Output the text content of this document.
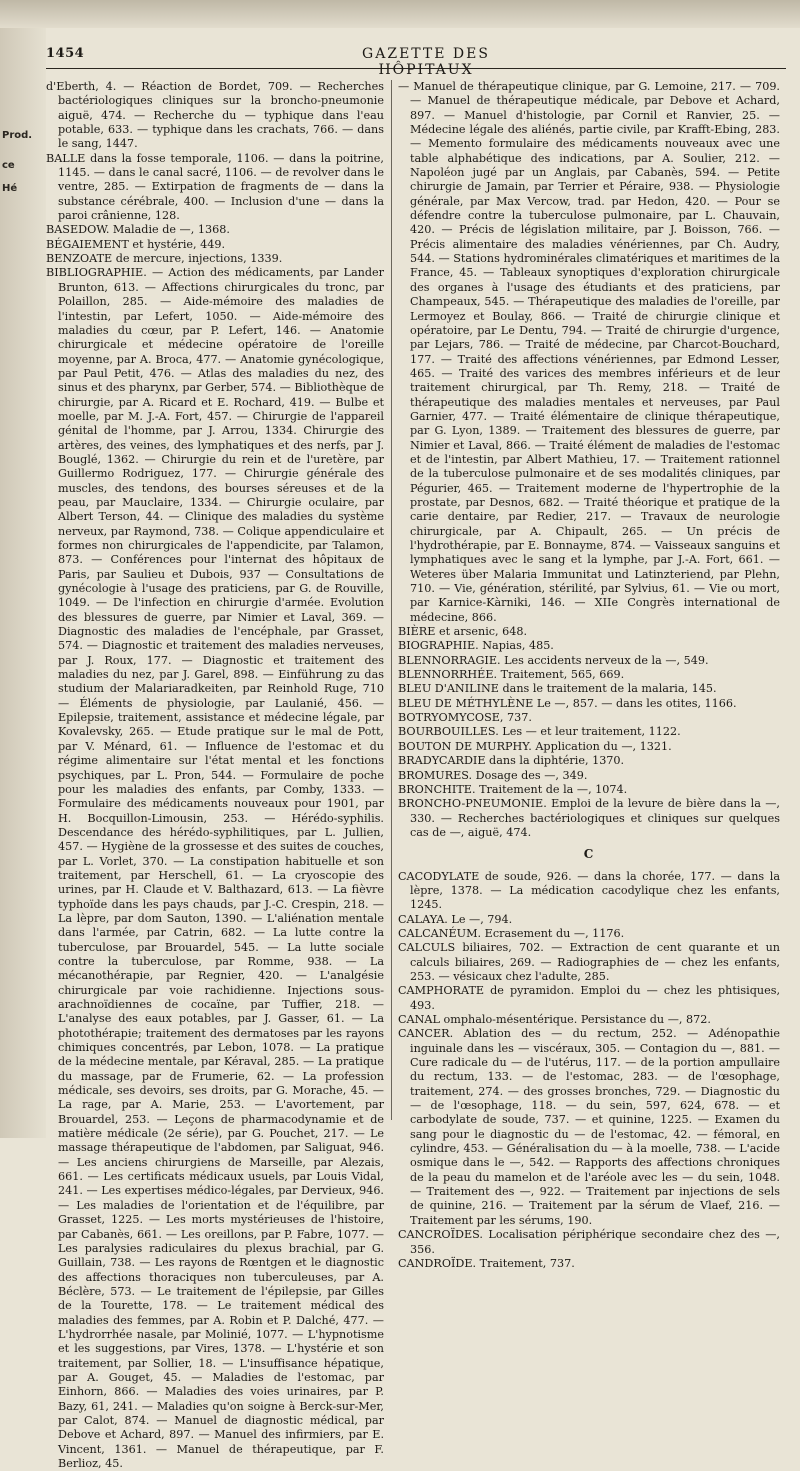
Prod.
ce
Hé
1454	GAZETTE DES HÔPITAUX

d'Eberth, 4. — Réaction de Bordet, 709. — Recherches bactériologiques cliniques sur la broncho-pneumonie aiguë, 474. — Recherche du — typhique dans l'eau potable, 633. — typhique dans les crachats, 766. — dans le sang, 1447.

BALLE dans la fosse temporale, 1106. — dans la poitrine, 1145. — dans le canal sacré, 1106. — de revolver dans le ventre, 285. — Extirpation de fragments de — dans la substance cérébrale, 400. — Inclusion d'une — dans la paroi crânienne, 128.

BASEDOW. Maladie de —, 1368.

BÉGAIEMENT et hystérie, 449.

BENZOATE de mercure, injections, 1339.

BIBLIOGRAPHIE. — Action des médicaments, par Lander Brunton, 613. — Affections chirurgicales du tronc, par Polaillon, 285. — Aide-mémoire des maladies de l'intestin, par Lefert, 1050. — Aide-mémoire des maladies du cœur, par P. Lefert, 146. — Anatomie chirurgicale et médecine opératoire de l'oreille moyenne, par A. Broca, 477. — Anatomie gynécologique, par Paul Petit, 476. — Atlas des maladies du nez, des sinus et des pharynx, par Gerber, 574. — Bibliothèque de chirurgie, par A. Ricard et E. Rochard, 419. — Bulbe et moelle, par M. J.-A. Fort, 457. — Chirurgie de l'appareil génital de l'homme, par J. Arrou, 1334. Chirurgie des artères, des veines, des lymphatiques et des nerfs, par J. Bouglé, 1362. — Chirurgie du rein et de l'uretère, par Guillermo Rodriguez, 177. — Chirurgie générale des muscles, des tendons, des bourses séreuses et de la peau, par Mauclaire, 1334. — Chirurgie oculaire, par Albert Terson, 44. — Clinique des maladies du système nerveux, par Raymond, 738. — Colique appendiculaire et formes non chirurgicales de l'appendicite, par Talamon, 873. — Conférences pour l'internat des hôpitaux de Paris, par Saulieu et Dubois, 937 — Consultations de gynécologie à l'usage des praticiens, par G. de Rouville, 1049. — De l'infection en chirurgie d'armée. Evolution des blessures de guerre, par Nimier et Laval, 369. — Diagnostic des maladies de l'encéphale, par Grasset, 574. — Diagnostic et traitement des maladies nerveuses, par J. Roux, 177. — Diagnostic et traitement des maladies du nez, par J. Garel, 898. — Einführung zu das studium der Malariaradkeiten, par Reinhold Ruge, 710 — Éléments de physiologie, par Laulanié, 456. — Epilepsie, traitement, assistance et médecine légale, par Kovalevsky, 265. — Etude pratique sur le mal de Pott, par V. Ménard, 61. — Influence de l'estomac et du régime alimentaire sur l'état mental et les fonctions psychiques, par L. Pron, 544. — Formulaire de poche pour les maladies des enfants, par Comby, 1333. — Formulaire des médicaments nouveaux pour 1901, par H. Bocquillon-Limousin, 253. — Hérédo-syphilis. Descendance des hérédo-syphilitiques, par L. Jullien, 457. — Hygiène de la grossesse et des suites de couches, par L. Vorlet, 370. — La constipation habituelle et son traitement, par Herschell, 61. — La cryoscopie des urines, par H. Claude et V. Balthazard, 613. — La fièvre typhoïde dans les pays chauds, par J.-C. Crespin, 218. — La lèpre, par dom Sauton, 1390. — L'aliénation mentale dans l'armée, par Catrin, 682. — La lutte contre la tuberculose, par Brouardel, 545. — La lutte sociale contre la tuberculose, par Romme, 938. — La mécanothérapie, par Regnier, 420. — L'analgésie chirurgicale par voie rachidienne. Injections sous-arachnoïdiennes de cocaïne, par Tuffier, 218. — L'analyse des eaux potables, par J. Gasser, 61. — La photothérapie; traitement des dermatoses par les rayons chimiques concentrés, par Lebon, 1078. — La pratique de la médecine mentale, par Kéraval, 285. — La pratique du massage, par de Frumerie, 62. — La profession médicale, ses devoirs, ses droits, par G. Morache, 45. — La rage, par A. Marie, 253. — L'avortement, par Brouardel, 253. — Leçons de pharmacodynamie et de matière médicale (2e série), par G. Pouchet, 217. — Le massage thérapeutique de l'abdomen, par Saliguat, 946. — Les anciens chirurgiens de Marseille, par Alezais, 661. — Les certificats médicaux usuels, par Louis Vidal, 241. — Les expertises médico-légales, par Dervieux, 946. — Les maladies de l'orientation et de l'équilibre, par Grasset, 1225. — Les morts mystérieuses de l'histoire, par Cabanès, 661. — Les oreillons, par P. Fabre, 1077. — Les paralysies radiculaires du plexus brachial, par G. Guillain, 738. — Les rayons de Rœntgen et le diagnostic des affections thoraciques non tuberculeuses, par A. Béclère, 573. — Le traitement de l'épilepsie, par Gilles de la Tourette, 178. — Le traitement médical des maladies des femmes, par A. Robin et P. Dalché, 477. — L'hydrorrhée nasale, par Molinié, 1077. — L'hypnotisme et les suggestions, par Vires, 1378. — L'hystérie et son traitement, par Sollier, 18. — L'insuffisance hépatique, par A. Gouget, 45. — Maladies de l'estomac, par Einhorn, 866. — Maladies des voies urinaires, par P. Bazy, 61, 241. — Maladies qu'on soigne à Berck-sur-Mer, par Calot, 874. — Manuel de diagnostic médical, par Debove et Achard, 897. — Manuel des infirmiers, par E. Vincent, 1361. — Manuel de thérapeutique, par F. Berlioz, 45.

— Manuel de thérapeutique clinique, par G. Lemoine, 217. — 709. — Manuel de thérapeutique médicale, par Debove et Achard, 897. — Manuel d'histologie, par Cornil et Ranvier, 25. — Médecine légale des aliénés, partie civile, par Krafft-Ebing, 283. — Memento formulaire des médicaments nouveaux avec une table alphabétique des indications, par A. Soulier, 212. — Napoléon jugé par un Anglais, par Cabanès, 594. — Petite chirurgie de Jamain, par Terrier et Péraire, 938. — Physiologie générale, par Max Vercow, trad. par Hedon, 420. — Pour se défendre contre la tuberculose pulmonaire, par L. Chauvain, 420. — Précis de législation militaire, par J. Boisson, 766. — Précis alimentaire des maladies vénériennes, par Ch. Audry, 544. — Stations hydrominérales climatériques et maritimes de la France, 45. — Tableaux synoptiques d'exploration chirurgicale des organes à l'usage des étudiants et des praticiens, par Champeaux, 545. — Thérapeutique des maladies de l'oreille, par Lermoyez et Boulay, 866. — Traité de chirurgie clinique et opératoire, par Le Dentu, 794. — Traité de chirurgie d'urgence, par Lejars, 786. — Traité de médecine, par Charcot-Bouchard, 177. — Traité des affections vénériennes, par Edmond Lesser, 465. — Traité des varices des membres inférieurs et de leur traitement chirurgical, par Th. Remy, 218. — Traité de thérapeutique des maladies mentales et nerveuses, par Paul Garnier, 477. — Traité élémentaire de clinique thérapeutique, par G. Lyon, 1389. — Traitement des blessures de guerre, par Nimier et Laval, 866. — Traité élément de maladies de l'estomac et de l'intestin, par Albert Mathieu, 17. — Traitement rationnel de la tuberculose pulmonaire et de ses modalités cliniques, par Pégurier, 465. — Traitement moderne de l'hypertrophie de la prostate, par Desnos, 682. — Traité théorique et pratique de la carie dentaire, par Redier, 217. — Travaux de neurologie chirurgicale, par A. Chipault, 265. — Un précis de l'hydrothérapie, par E. Bonnayme, 874. — Vaisseaux sanguins et lymphatiques avec le sang et la lymphe, par J.-A. Fort, 661. — Weteres über Malaria Immunitat und Latinzteriend, par Plehn, 710. — Vie, génération, stérilité, par Sylvius, 61. — Vie ou mort, par Karnice-Kàrniki, 146. — XIIe Congrès international de médecine, 866.

BIÈRE et arsenic, 648.

BIOGRAPHIE. Napias, 485.

BLENNORRAGIE. Les accidents nerveux de la —, 549.

BLENNORRHÉE. Traitement, 565, 669.

BLEU D'ANILINE dans le traitement de la malaria, 145.

BLEU DE MÉTHYLÈNE Le —, 857. — dans les otites, 1166.

BOTRYOMYCOSE, 737.

BOURBOUILLES. Les — et leur traitement, 1122.

BOUTON DE MURPHY. Application du —, 1321.

BRADYCARDIE dans la diphtérie, 1370.

BROMURES. Dosage des —, 349.

BRONCHITE. Traitement de la —, 1074.

BRONCHO-PNEUMONIE. Emploi de la levure de bière dans la —, 330. — Recherches bactériologiques et cliniques sur quelques cas de —, aiguë, 474.

C

CACODYLATE de soude, 926. — dans la chorée, 177. — dans la lèpre, 1378. — La médication cacodylique chez les enfants, 1245.

CALAYA. Le —, 794.

CALCANÉUM. Ecrasement du —, 1176.

CALCULS biliaires, 702. — Extraction de cent quarante et un calculs biliaires, 269. — Radiographies de — chez les enfants, 253. — vésicaux chez l'adulte, 285.

CAMPHORATE de pyramidon. Emploi du — chez les phtisiques, 493.

CANAL omphalo-mésentérique. Persistance du —, 872.

CANCER. Ablation des — du rectum, 252. — Adénopathie inguinale dans les — viscéraux, 305. — Contagion du —, 881. — Cure radicale du — de l'utérus, 117. — de la portion ampullaire du rectum, 133. — de l'estomac, 283. — de l'œsophage, traitement, 274. — des grosses bronches, 729. — Diagnostic du — de l'œsophage, 118. — du sein, 597, 624, 678. — et carbodylate de soude, 737. — et quinine, 1225. — Examen du sang pour le diagnostic du — de l'estomac, 42. — fémoral, en cylindre, 453. — Généralisation du — à la moelle, 738. — L'acide osmique dans le —, 542. — Rapports des affections chroniques de la peau du mamelon et de l'aréole avec les — du sein, 1048. — Traitement des —, 922. — Traitement par injections de sels de quinine, 216. — Traitement par la sérum de Vlaef, 216. — Traitement par les sérums, 190.

CANCROÏDES. Localisation périphérique secondaire chez des —, 356.

CANDROÏDE. Traitement, 737.
